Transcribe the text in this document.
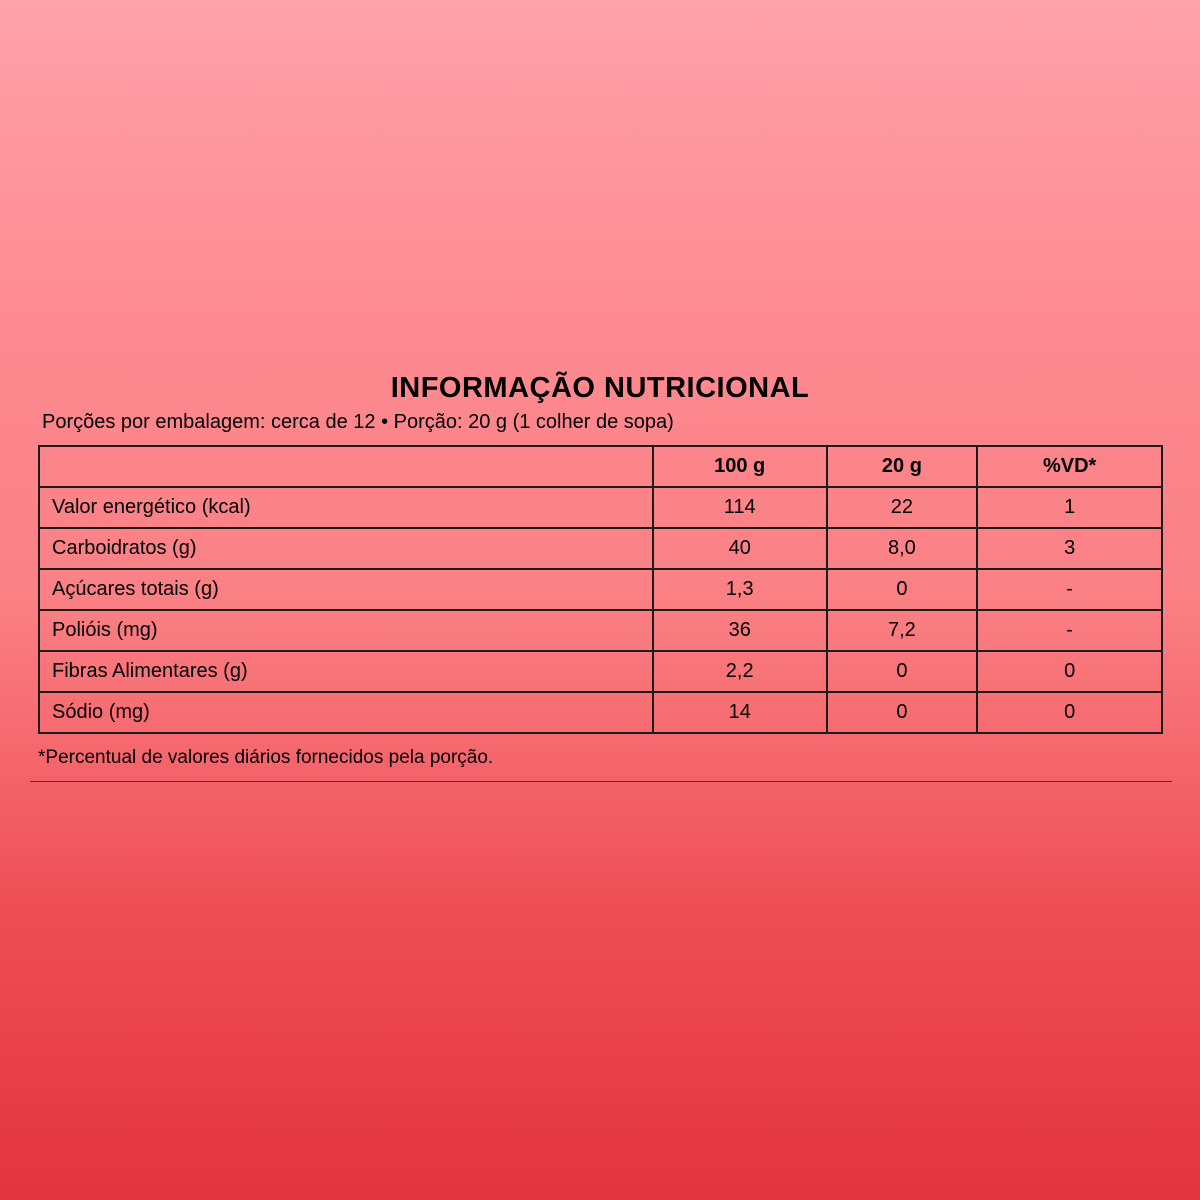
INFORMAÇÃO NUTRICIONAL
Porções por embalagem: cerca de 12 • Porção: 20 g (1 colher de sopa)
	100 g	20 g	%VD*
Valor energético (kcal)	114	22	1
Carboidratos (g)	40	8,0	3
Açúcares totais (g)	1,3	0	-
Polióis (mg)	36	7,2	-
Fibras Alimentares (g)	2,2	0	0
Sódio (mg)	14	0	0
*Percentual de valores diários fornecidos pela porção.
